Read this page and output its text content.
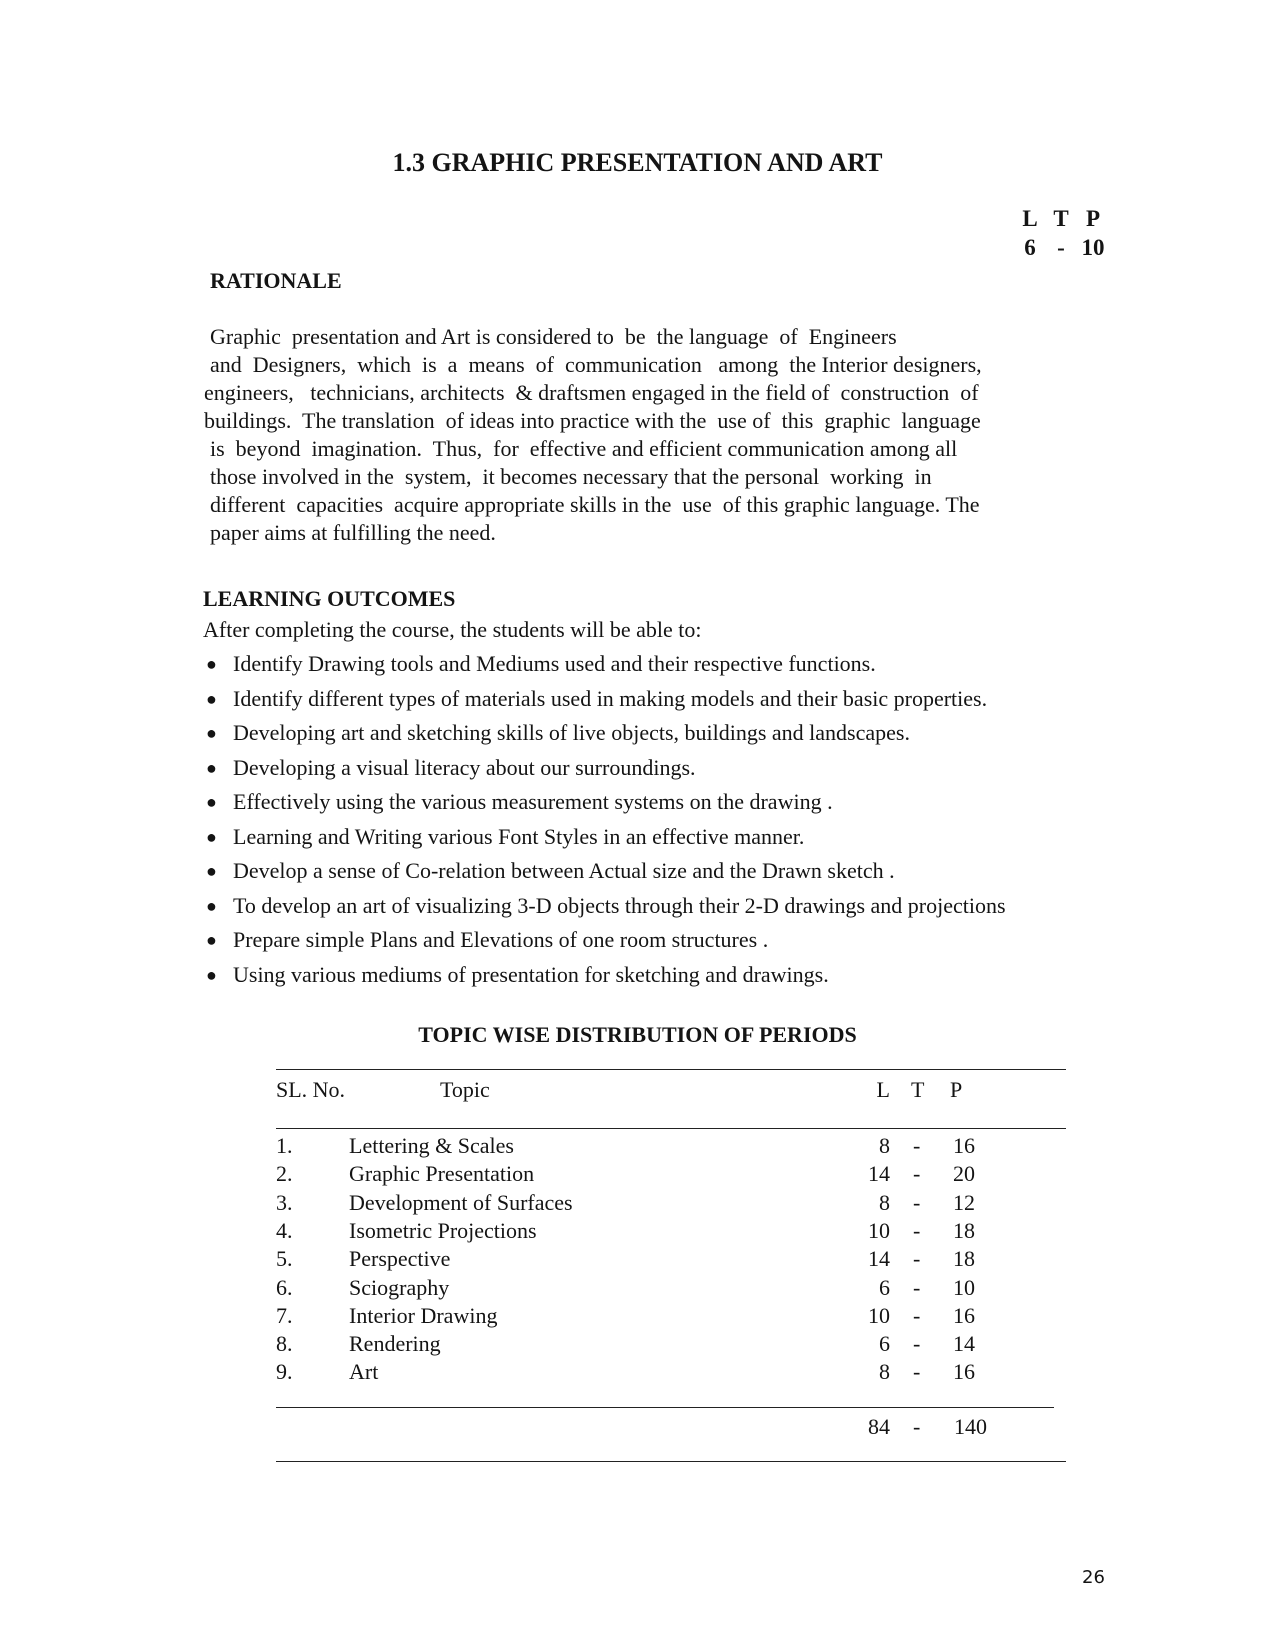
1.3 GRAPHIC PRESENTATION AND ART
L T P
6 - 10
RATIONALE
Graphic  presentation and Art is considered to  be  the language  of  Engineers
and  Designers,  which  is  a  means  of  communication   among  the Interior designers,
engineers,   technicians, architects  & draftsmen engaged in the field of  construction  of
buildings.  The translation  of ideas into practice with the  use of  this  graphic  language
is  beyond  imagination.  Thus,  for  effective and efficient communication among all
those involved in the  system,  it becomes necessary that the personal  working  in
different  capacities  acquire appropriate skills in the  use  of this graphic language. The
paper aims at fulfilling the need.
LEARNING OUTCOMES
After completing the course, the students will be able to:
● Identify Drawing tools and Mediums used and their respective functions.
● Identify different types of materials used in making models and their basic properties.
● Developing art and sketching skills of live objects, buildings and landscapes.
● Developing a visual literacy about our surroundings.
● Effectively using the various measurement systems on the drawing .
● Learning and Writing various Font Styles in an effective manner.
● Develop a sense of Co-relation between Actual size and the Drawn sketch .
● To develop an art of visualizing 3-D objects through their 2-D drawings and projections
● Prepare simple Plans and Elevations of one room structures .
● Using various mediums of presentation for sketching and drawings.
TOPIC WISE DISTRIBUTION OF PERIODS
SL. No.	Topic	L T P
1.	Lettering & Scales	8 -	16
2.	Graphic Presentation	14 -	20
3.	Development of Surfaces	8 -	12
4.	Isometric Projections	10 -	18
5.	Perspective	14 -	18
6.	Sciography	6 -	10
7.	Interior Drawing	10 -	16
8.	Rendering	6 -	14
9.	Art	8 -	16
84 -	140
26
